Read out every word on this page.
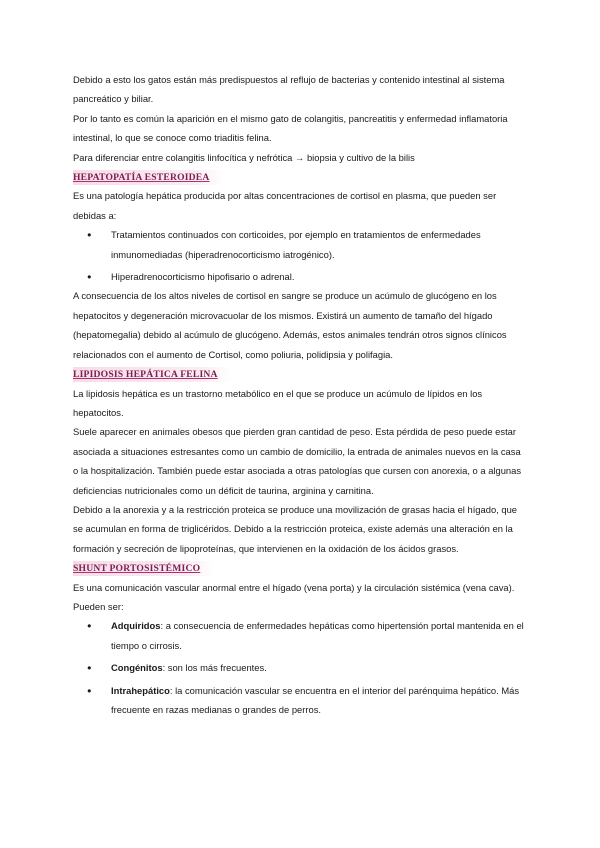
Debido a esto los gatos están más predispuestos al reflujo de bacterias y contenido intestinal al sistema pancreático y biliar.

Por lo tanto es común la aparición en el mismo gato de colangitis, pancreatitis y enfermedad inflamatoria intestinal, lo que se conoce como triaditis felina.

Para diferenciar entre colangitis linfocítica y nefrótica → biopsia y cultivo de la bilis

HEPATOPATÍA ESTEROIDEA

Es una patología hepática producida por altas concentraciones de cortisol en plasma, que pueden ser debidas a:

● Tratamientos continuados con corticoides, por ejemplo en tratamientos de enfermedades inmunomediadas (hiperadrenocorticismo iatrogénico).
● Hiperadrenocorticismo hipofisario o adrenal.

A consecuencia de los altos niveles de cortisol en sangre se produce un acúmulo de glucógeno en los hepatocitos y degeneración microvacuolar de los mismos. Existirá un aumento de tamaño del hígado (hepatomegalia) debido al acúmulo de glucógeno. Además, estos animales tendrán otros signos clínicos relacionados con el aumento de Cortisol, como poliuria, polidipsia y polifagia.

LIPIDOSIS HEPÁTICA FELINA

La lipidosis hepática es un trastorno metabólico en el que se produce un acúmulo de lípidos en los hepatocitos.

Suele aparecer en animales obesos que pierden gran cantidad de peso. Esta pérdida de peso puede estar asociada a situaciones estresantes como un cambio de domicilio, la entrada de animales nuevos en la casa o la hospitalización. También puede estar asociada a otras patologías que cursen con anorexia, o a algunas deficiencias nutricionales como un déficit de taurina, arginina y carnitina.

Debido a la anorexia y a la restricción proteica se produce una movilización de grasas hacia el hígado, que se acumulan en forma de triglicéridos. Debido a la restricción proteica, existe además una alteración en la formación y secreción de lipoproteínas, que intervienen en la oxidación de los ácidos grasos.

SHUNT PORTOSISTÉMICO

Es una comunicación vascular anormal entre el hígado (vena porta) y la circulación sistémica (vena cava). Pueden ser:

● Adquiridos: a consecuencia de enfermedades hepáticas como hipertensión portal mantenida en el tiempo o cirrosis.
● Congénitos: son los más frecuentes.
● Intrahepático: la comunicación vascular se encuentra en el interior del parénquima hepático. Más frecuente en razas medianas o grandes de perros.
